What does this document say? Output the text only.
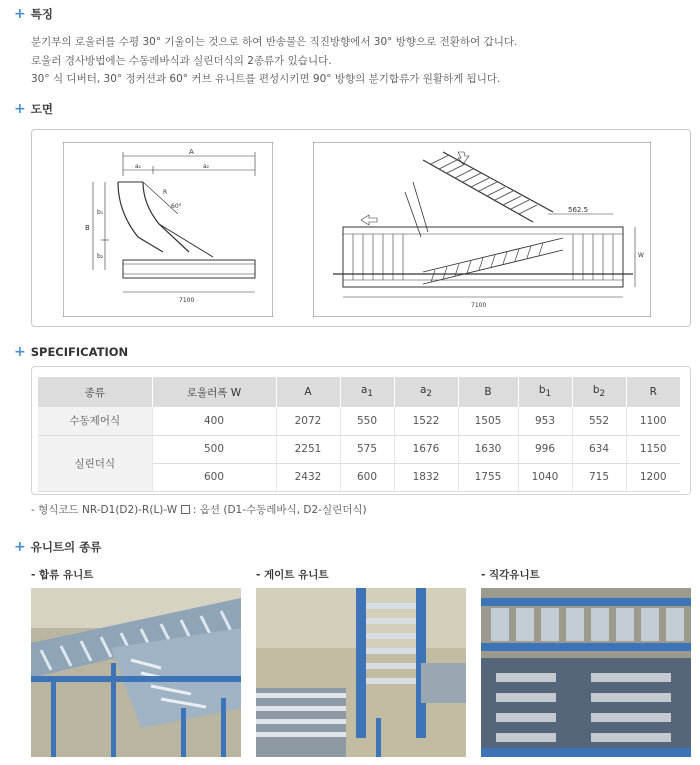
+ 특징
분기부의 로울러를 수평 30° 기울이는 것으로 하여 반송물은 직진방향에서 30° 방향으로 전환하여 갑니다.
로울러 경사방법에는 수동레바식과 실린더식의 2종류가 있습니다.
30° 식 디버터, 30° 정커션과 60° 커브 유니트를 편성시키면 90° 방향의 분기합류가 원활하게 됩니다.
+ 도면
A
a₁	a₂
B
b₁
b₂
R
60°
7100
562.5
W
7100
+ SPECIFICATION
종류	로울러폭 W	A	$a_1$	$a_2$	B	$b_1$	$b_2$	R
수동제어식	400	2072	550	1522	1505	953	552	1100
실린더식	500	2251	575	1676	1630	996	634	1150
	600	2432	600	1832	1755	1040	715	1200
- 형식코드 NR-D1(D2)-R(L)-W : 옵션 (D1-수동레바식, D2-실린더식)
+ 유니트의 종류
- 합류 유니트	- 게이트 유니트	- 직각유니트
